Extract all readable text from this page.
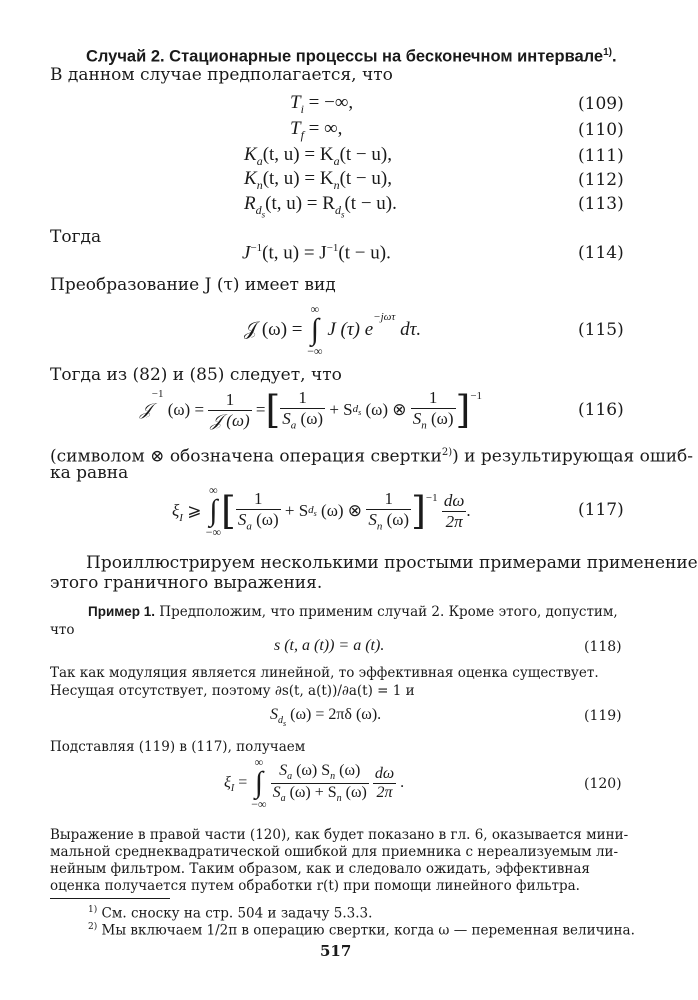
Случай 2. Стационарные процессы на бесконечном интервале$^{1)}$.
В данном случае предполагается, что
$T_i$ = −∞,	(109)
$T_f$ = ∞,	(110)
$K_a(t$, $u) = K_a(t - u)$,	(111)
$K_n(t$, $u) = K_n(t - u)$,	(112)
$R_{d_s}(t$, $u) = R_{d_s}(t - u)$.	(113)
Тогда
$J^{-1}(t$, $u) = J^{-1}(t - u)$.	(114)
Преобразование J (τ) имеет вид
𝒥 (ω) =

∞
∫
−∞

J (τ) e
$^{-j\omega\tau}$

dτ.	(115)
Тогда из (82) и (85) следует, что
𝒥
−1

(ω) =
$\frac{1}{\text{𝒥 (ω)}}$ = [ $\frac{1}{S_a (\omega)}$
+ S $d_s$
(ω) ⊗
$\frac{1}{S_n (\omega)} ]^{-1}$
(116)
(символом ⊗ обозначена операция свертки$^{2)}$) и результирующая ошиб-
ка равна
ξ $_I$
⩾

∞
∫
−∞ [ $\frac{1}{S_a (\omega)}$
+ S $d_s$
(ω) ⊗
$\frac{1}{S_n (\omega)} ]^{-1}$
$\frac{d\omega}{2\pi}$ .	(117)
Проиллюстрируем несколькими простыми примерами применение
этого граничного выражения.
Пример 1. Предположим, что применим случай 2. Кроме этого, допустим,
что
s (t, a (t)) = a (t).	(118)
Так как модуляция является линейной, то эффективная оценка существует.
Несущая отсутствует, поэтому ∂s(t, a(t))/∂a(t) = 1 и
$S_{d_s}$ (ω) = 2πδ (ω).	(119)
Подставляя (119) в (117), получаем
ξ $_I$ =
∞
∫
−∞

$\frac{S_a (\omega) S_n (\omega)}{S_a (\omega) + S_n (\omega)}$
$\frac{d\omega}{2\pi}$ .	(120)
Выражение в правой части (120), как будет показано в гл. 6, оказывается мини-
мальной среднеквадратической ошибкой для приемника с нереализуемым ли-
нейным фильтром. Таким образом, как и следовало ожидать, эффективная
оценка получается путем обработки r(t) при помощи линейного фильтра.
$^{1)}$ См. сноску на стр. 504 и задачу 5.3.3.
$^{2)}$ Мы включаем 1/2π в операцию свертки, когда ω — переменная величина.
517
